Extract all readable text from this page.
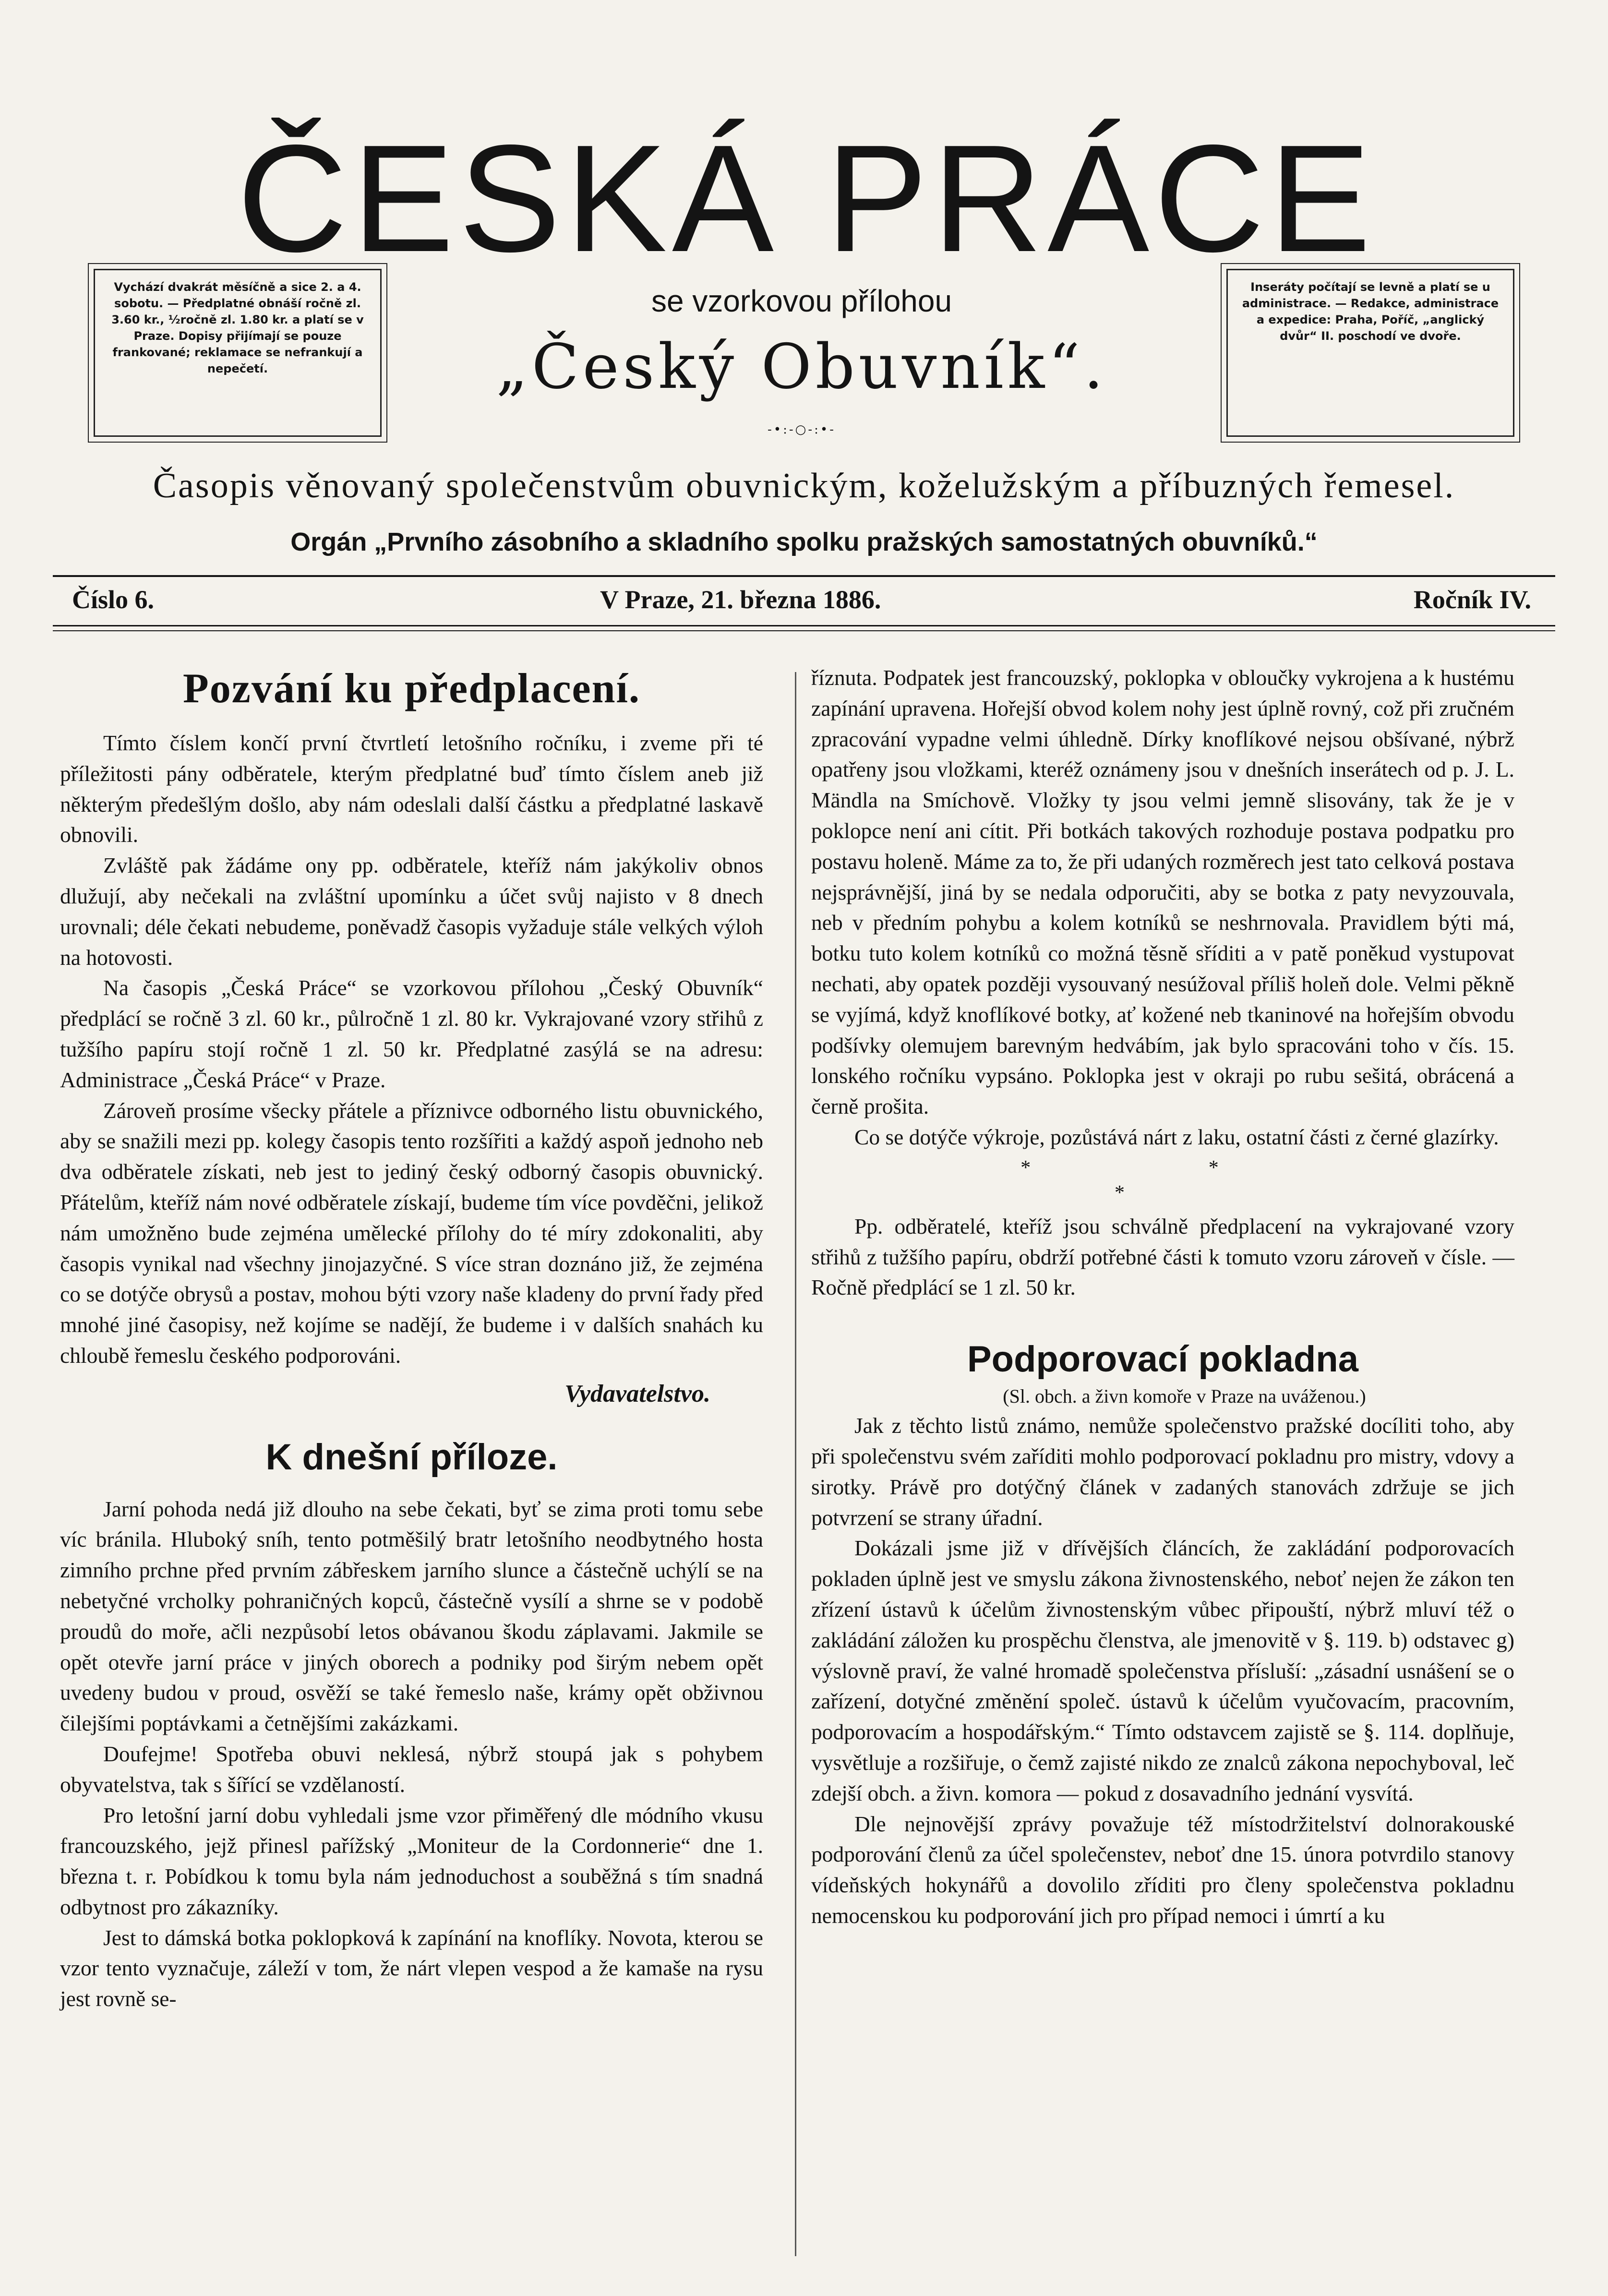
ČESKÁ PRÁCE
Vychází dvakrát měsíčně a sice 2. a 4. sobotu. — Předplatné obnáší ročně zl. 3.60 kr., ½ročně zl. 1.80 kr. a platí se v Praze. Dopisy přijímají se pouze frankované; reklamace se nefrankují a nepečetí.
se vzorkovou přílohou
„Český Obuvník“.
-•:-○-:•-
Inseráty počítají se levně a platí se u administrace. — Redakce, administrace a expedice: Praha, Poříč, „anglický dvůr“ II. poschodí ve dvoře.
Časopis věnovaný společenstvům obuvnickým, koželužským a příbuzných řemesel.
Orgán „Prvního zásobního a skladního spolku pražských samostatných obuvníků.“
Číslo 6.	V Praze, 21. března 1886.	Ročník IV.
Pozvání ku předplacení.

Tímto číslem končí první čtvrtletí letošního ročníku, i zveme při té příležitosti pány odběratele, kterým předplatné buď tímto číslem aneb již některým předešlým došlo, aby nám odeslali další částku a předplatné laskavě obnovili.

Zvláště pak žádáme ony pp. odběratele, kteříž nám jakýkoliv obnos dlužují, aby nečekali na zvláštní upomínku a účet svůj najisto v 8 dnech urovnali; déle čekati nebudeme, poněvadž časopis vyžaduje stále velkých výloh na hotovosti.

Na časopis „Česká Práce“ se vzorkovou přílohou „Český Obuvník“ předplácí se ročně 3 zl. 60 kr., půlročně 1 zl. 80 kr. Vykrajované vzory střihů z tužšího papíru stojí ročně 1 zl. 50 kr. Předplatné zasýlá se na adresu: Administrace „Česká Práce“ v Praze.

Zároveň prosíme všecky přátele a příznivce odborného listu obuvnického, aby se snažili mezi pp. kolegy časopis tento rozšířiti a každý aspoň jednoho neb dva odběratele získati, neb jest to jediný český odborný časopis obuvnický. Přátelům, kteříž nám nové odběratele získají, budeme tím více povděčni, jelikož nám umožněno bude zejména umělecké přílohy do té míry zdokonaliti, aby časopis vynikal nad všechny jinojazyčné. S více stran doznáno již, že zejména co se dotýče obrysů a postav, mohou býti vzory naše kladeny do první řady před mnohé jiné časopisy, než kojíme se nadějí, že budeme i v dalších snahách ku chloubě řemeslu českého podporováni.

Vydavatelstvo.

K dnešní příloze.

Jarní pohoda nedá již dlouho na sebe čekati, byť se zima proti tomu sebe víc bránila. Hluboký sníh, tento potměšilý bratr letošního neodbytného hosta zimního prchne před prvním zábřeskem jarního slunce a částečně uchýlí se na nebetyčné vrcholky pohraničných kopců, částečně vysílí a shrne se v podobě proudů do moře, ačli nezpůsobí letos obávanou škodu záplavami. Jakmile se opět otevře jarní práce v jiných oborech a podniky pod širým nebem opět uvedeny budou v proud, osvěží se také řemeslo naše, krámy opět obživnou čilejšími poptávkami a četnějšími zakázkami.

Doufejme! Spotřeba obuvi neklesá, nýbrž stoupá jak s pohybem obyvatelstva, tak s šířící se vzdělaností.

Pro letošní jarní dobu vyhledali jsme vzor přiměřený dle módního vkusu francouzského, jejž přinesl pařížský „Moniteur de la Cordonnerie“ dne 1. března t. r. Pobídkou k tomu byla nám jednoduchost a souběžná s tím snadná odbytnost pro zákazníky.

Jest to dámská botka poklopková k zapínání na knoflíky. Novota, kterou se vzor tento vyznačuje, záleží v tom, že nárt vlepen vespod a že kamaše na rysu jest rovně se-

říznuta. Podpatek jest francouzský, poklopka v obloučky vykrojena a k hustému zapínání upravena. Hořejší obvod kolem nohy jest úplně rovný, což při zručném zpracování vypadne velmi úhledně. Dírky knoflíkové nejsou obšívané, nýbrž opatřeny jsou vložkami, kteréž oznámeny jsou v dnešních inserátech od p. J. L. Mändla na Smíchově. Vložky ty jsou velmi jemně slisovány, tak že je v poklopce není ani cítit. Při botkách takových rozhoduje postava podpatku pro postavu holeně. Máme za to, že při udaných rozměrech jest tato celková postava nejsprávnější, jiná by se nedala odporučiti, aby se botka z paty nevyzouvala, neb v předním pohybu a kolem kotníků se neshrnovala. Pravidlem býti má, botku tuto kolem kotníků co možná těsně sříditi a v patě poněkud vystupovat nechati, aby opatek později vysouvaný nesúžoval příliš holeň dole. Velmi pěkně se vyjímá, když knoflíkové botky, ať kožené neb tkaninové na hořejším obvodu podšívky olemujem barevným hedvábím, jak bylo spracováni toho v čís. 15. lonského ročníku vypsáno. Poklopka jest v okraji po rubu sešitá, obrácená a černě prošita.

Co se dotýče výkroje, pozůstává nárt z laku, ostatní části z černé glazírky.

* *
*

Pp. odběratelé, kteříž jsou schválně předplacení na vykrajované vzory střihů z tužšího papíru, obdrží potřebné části k tomuto vzoru zároveň v čísle. — Ročně předplácí se 1 zl. 50 kr.

Podporovací pokladna

(Sl. obch. a živn komoře v Praze na uváženou.)

Jak z těchto listů známo, nemůže společenstvo pražské docíliti toho, aby při společenstvu svém zaříditi mohlo podporovací pokladnu pro mistry, vdovy a sirotky. Právě pro dotýčný článek v zadaných stanovách zdržuje se jich potvrzení se strany úřadní.

Dokázali jsme již v dřívějších článcích, že zakládání podporovacích pokladen úplně jest ve smyslu zákona živnostenského, neboť nejen že zákon ten zřízení ústavů k účelům živnostenským vůbec připouští, nýbrž mluví též o zakládání záložen ku prospěchu členstva, ale jmenovitě v §. 119. b) odstavec g) výslovně praví, že valné hromadě společenstva přísluší: „zásadní usnášení se o zařízení, dotyčné změnění společ. ústavů k účelům vyučovacím, pracovním, podporovacím a hospodářským.“ Tímto odstavcem zajistě se §. 114. doplňuje, vysvětluje a rozšiřuje, o čemž zajisté nikdo ze znalců zákona nepochyboval, leč zdejší obch. a živn. komora — pokud z dosavadního jednání vysvítá.

Dle nejnovější zprávy považuje též místodržitelství dolnorakouské podporování členů za účel společenstev, neboť dne 15. února potvrdilo stanovy vídeňských hokynářů a dovolilo zříditi pro členy společenstva pokladnu nemocenskou ku podporování jich pro případ nemoci i úmrtí a ku
